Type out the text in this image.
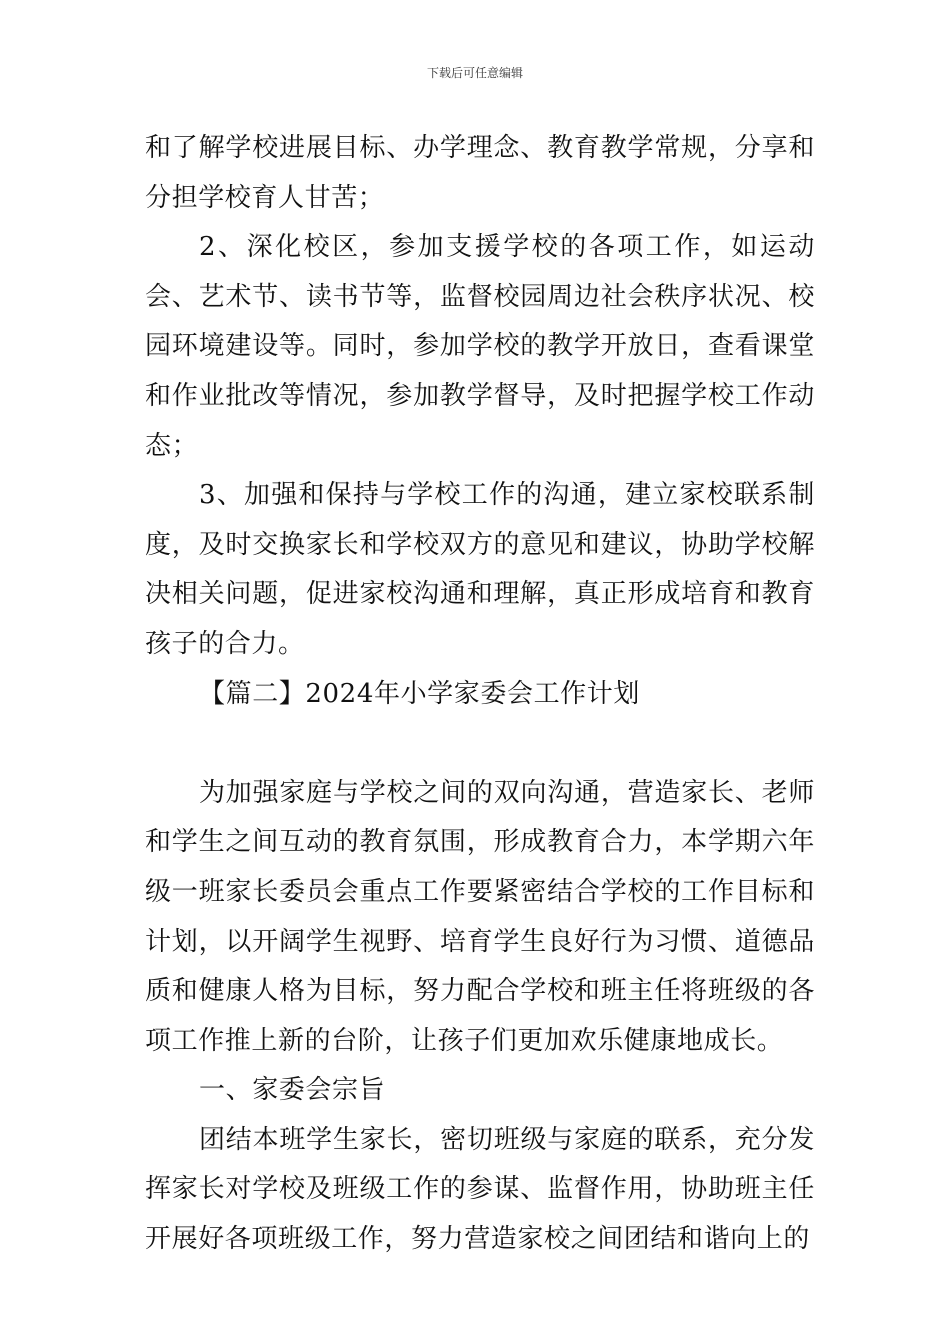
下载后可任意编辑

和了解学校进展目标、办学理念、教育教学常规，分享和分担学校育人甘苦；

2、深化校区，参加支援学校的各项工作，如运动会、艺术节、读书节等，监督校园周边社会秩序状况、校园环境建设等。同时，参加学校的教学开放日，查看课堂和作业批改等情况，参加教学督导，及时把握学校工作动态；

3、加强和保持与学校工作的沟通，建立家校联系制度，及时交换家长和学校双方的意见和建议，协助学校解决相关问题，促进家校沟通和理解，真正形成培育和教育孩子的合力。

【篇二】2024年小学家委会工作计划

为加强家庭与学校之间的双向沟通，营造家长、老师和学生之间互动的教育氛围，形成教育合力，本学期六年级一班家长委员会重点工作要紧密结合学校的工作目标和计划，以开阔学生视野、培育学生良好行为习惯、道德品质和健康人格为目标，努力配合学校和班主任将班级的各项工作推上新的台阶，让孩子们更加欢乐健康地成长。

一、家委会宗旨

团结本班学生家长，密切班级与家庭的联系，充分发挥家长对学校及班级工作的参谋、监督作用，协助班主任开展好各项班级工作，努力营造家校之间团结和谐向上的
